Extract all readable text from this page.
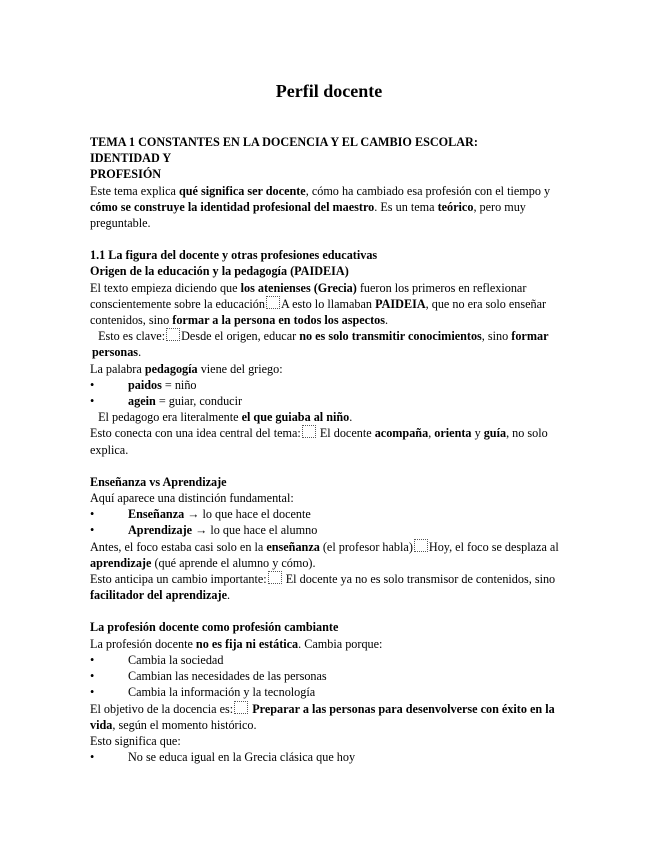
Perfil docente

TEMA 1 CONSTANTES EN LA DOCENCIA Y EL CAMBIO ESCOLAR:

IDENTIDAD Y

PROFESIÓN

Este tema explica qué significa ser docente, cómo ha cambiado esa profesión con el tiempo y cómo se construye la identidad profesional del maestro. Es un tema teórico, pero muy preguntable.

1.1 La figura del docente y otras profesiones educativas

Origen de la educación y la pedagogía (PAIDEIA)

El texto empieza diciendo que los atenienses (Grecia) fueron los primeros en reflexionar conscientemente sobre la educación A esto lo llamaban PAIDEIA, que no era solo enseñar contenidos, sino formar a la persona en todos los aspectos.

Esto es clave: Desde el origen, educar no es solo transmitir conocimientos, sino formar personas.

La palabra pedagogía viene del griego:

•	paidos = niño

•	agein = guiar, conducir

El pedagogo era literalmente el que guiaba al niño.

Esto conecta con una idea central del tema: El docente acompaña, orienta y guía, no solo explica.

Enseñanza vs Aprendizaje

Aquí aparece una distinción fundamental:

•	Enseñanza → lo que hace el docente

•	Aprendizaje → lo que hace el alumno

Antes, el foco estaba casi solo en la enseñanza (el profesor habla) Hoy, el foco se desplaza al aprendizaje (qué aprende el alumno y cómo).

Esto anticipa un cambio importante: El docente ya no es solo transmisor de contenidos, sino facilitador del aprendizaje.

La profesión docente como profesión cambiante

La profesión docente no es fija ni estática. Cambia porque:

•	Cambia la sociedad

•	Cambian las necesidades de las personas

•	Cambia la información y la tecnología

El objetivo de la docencia es: Preparar a las personas para desenvolverse con éxito en la vida, según el momento histórico.

Esto significa que:

•	No se educa igual en la Grecia clásica que hoy
